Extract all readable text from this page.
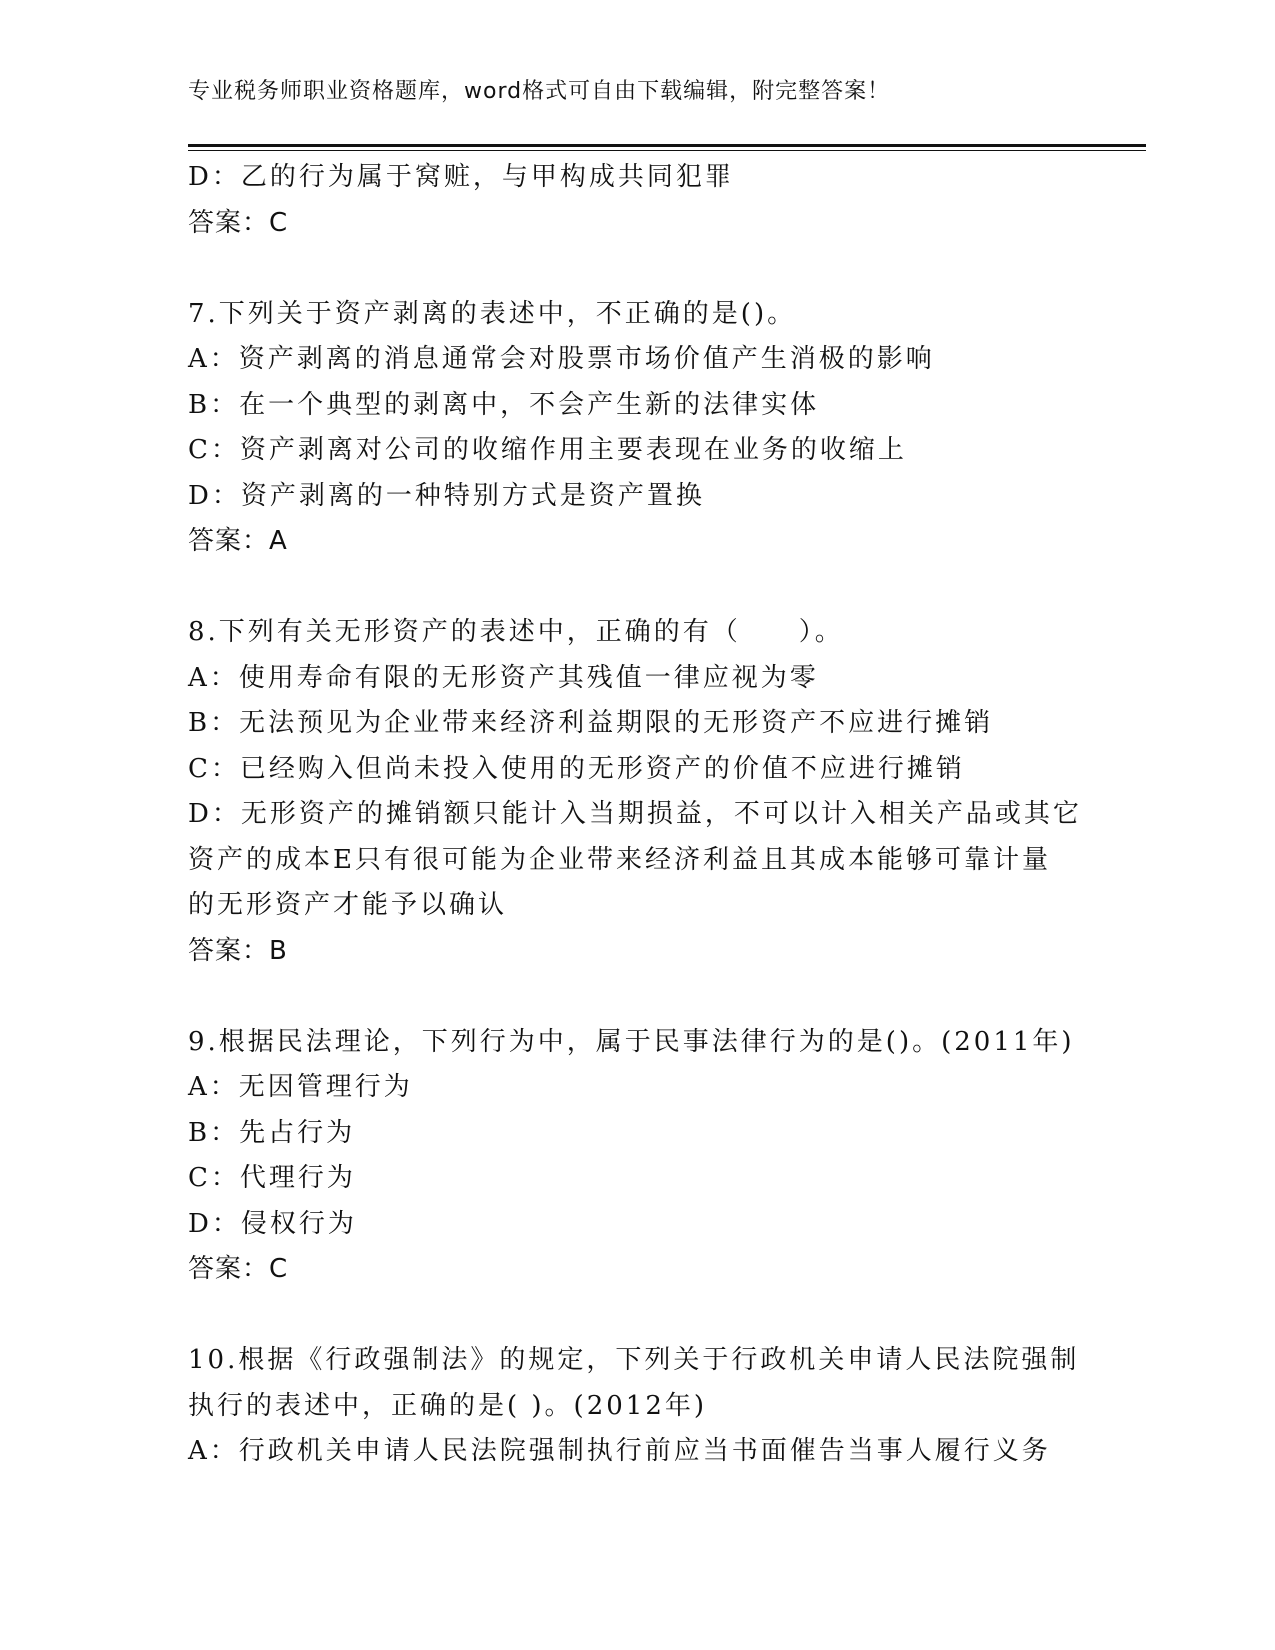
专业税务师职业资格题库，word格式可自由下载编辑，附完整答案！
D：乙的行为属于窝赃，与甲构成共同犯罪
答案：C
7.下列关于资产剥离的表述中，不正确的是()。
A：资产剥离的消息通常会对股票市场价值产生消极的影响
B：在一个典型的剥离中，不会产生新的法律实体
C：资产剥离对公司的收缩作用主要表现在业务的收缩上
D：资产剥离的一种特别方式是资产置换
答案：A
8.下列有关无形资产的表述中，正确的有（　　）。
A：使用寿命有限的无形资产其残值一律应视为零
B：无法预见为企业带来经济利益期限的无形资产不应进行摊销
C：已经购入但尚未投入使用的无形资产的价值不应进行摊销
D：无形资产的摊销额只能计入当期损益，不可以计入相关产品或其它
资产的成本E只有很可能为企业带来经济利益且其成本能够可靠计量
的无形资产才能予以确认
答案：B
9.根据民法理论，下列行为中，属于民事法律行为的是()。(2011年)
A：无因管理行为
B：先占行为
C：代理行为
D：侵权行为
答案：C
10.根据《行政强制法》的规定，下列关于行政机关申请人民法院强制
执行的表述中，正确的是( )。(2012年)
A：行政机关申请人民法院强制执行前应当书面催告当事人履行义务
